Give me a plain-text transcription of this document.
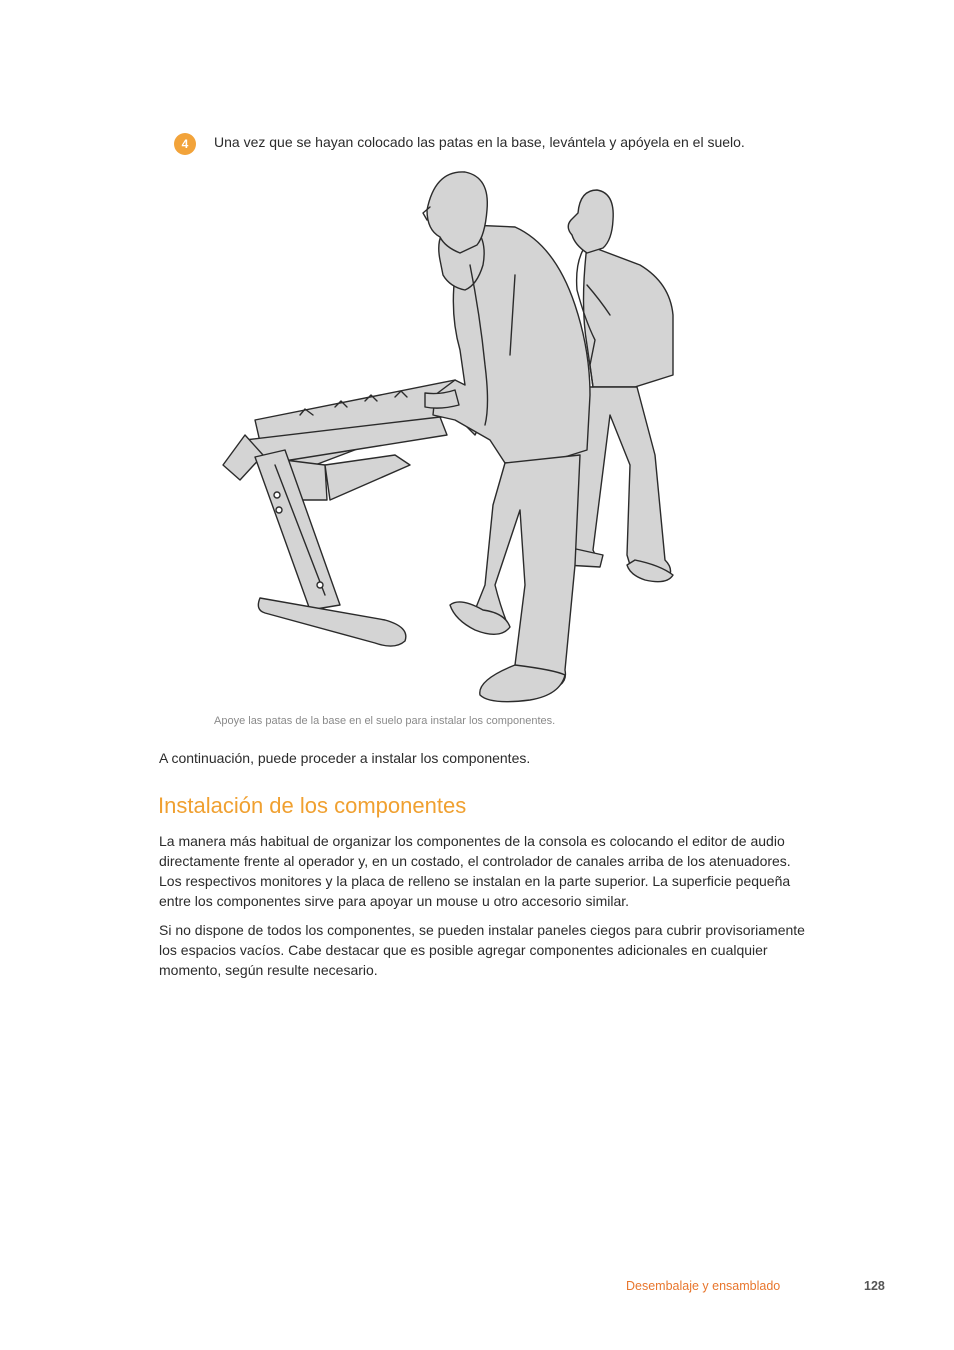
4	Una vez que se hayan colocado las patas en la base, levántela y apóyela en el suelo.
Apoye las patas de la base en el suelo para instalar los componentes.
A continuación, puede proceder a instalar los componentes.
Instalación de los componentes

La manera más habitual de organizar los componentes de la consola es colocando el editor de audio directamente frente al operador y, en un costado, el controlador de canales arriba de los atenuadores. Los respectivos monitores y la placa de relleno se instalan en la parte superior. La superficie pequeña entre los componentes sirve para apoyar un mouse u otro accesorio similar.

Si no dispone de todos los componentes, se pueden instalar paneles ciegos para cubrir provisoriamente los espacios vacíos. Cabe destacar que es posible agregar componentes adicionales en cualquier momento, según resulte necesario.

Desembalaje y ensamblado	128
